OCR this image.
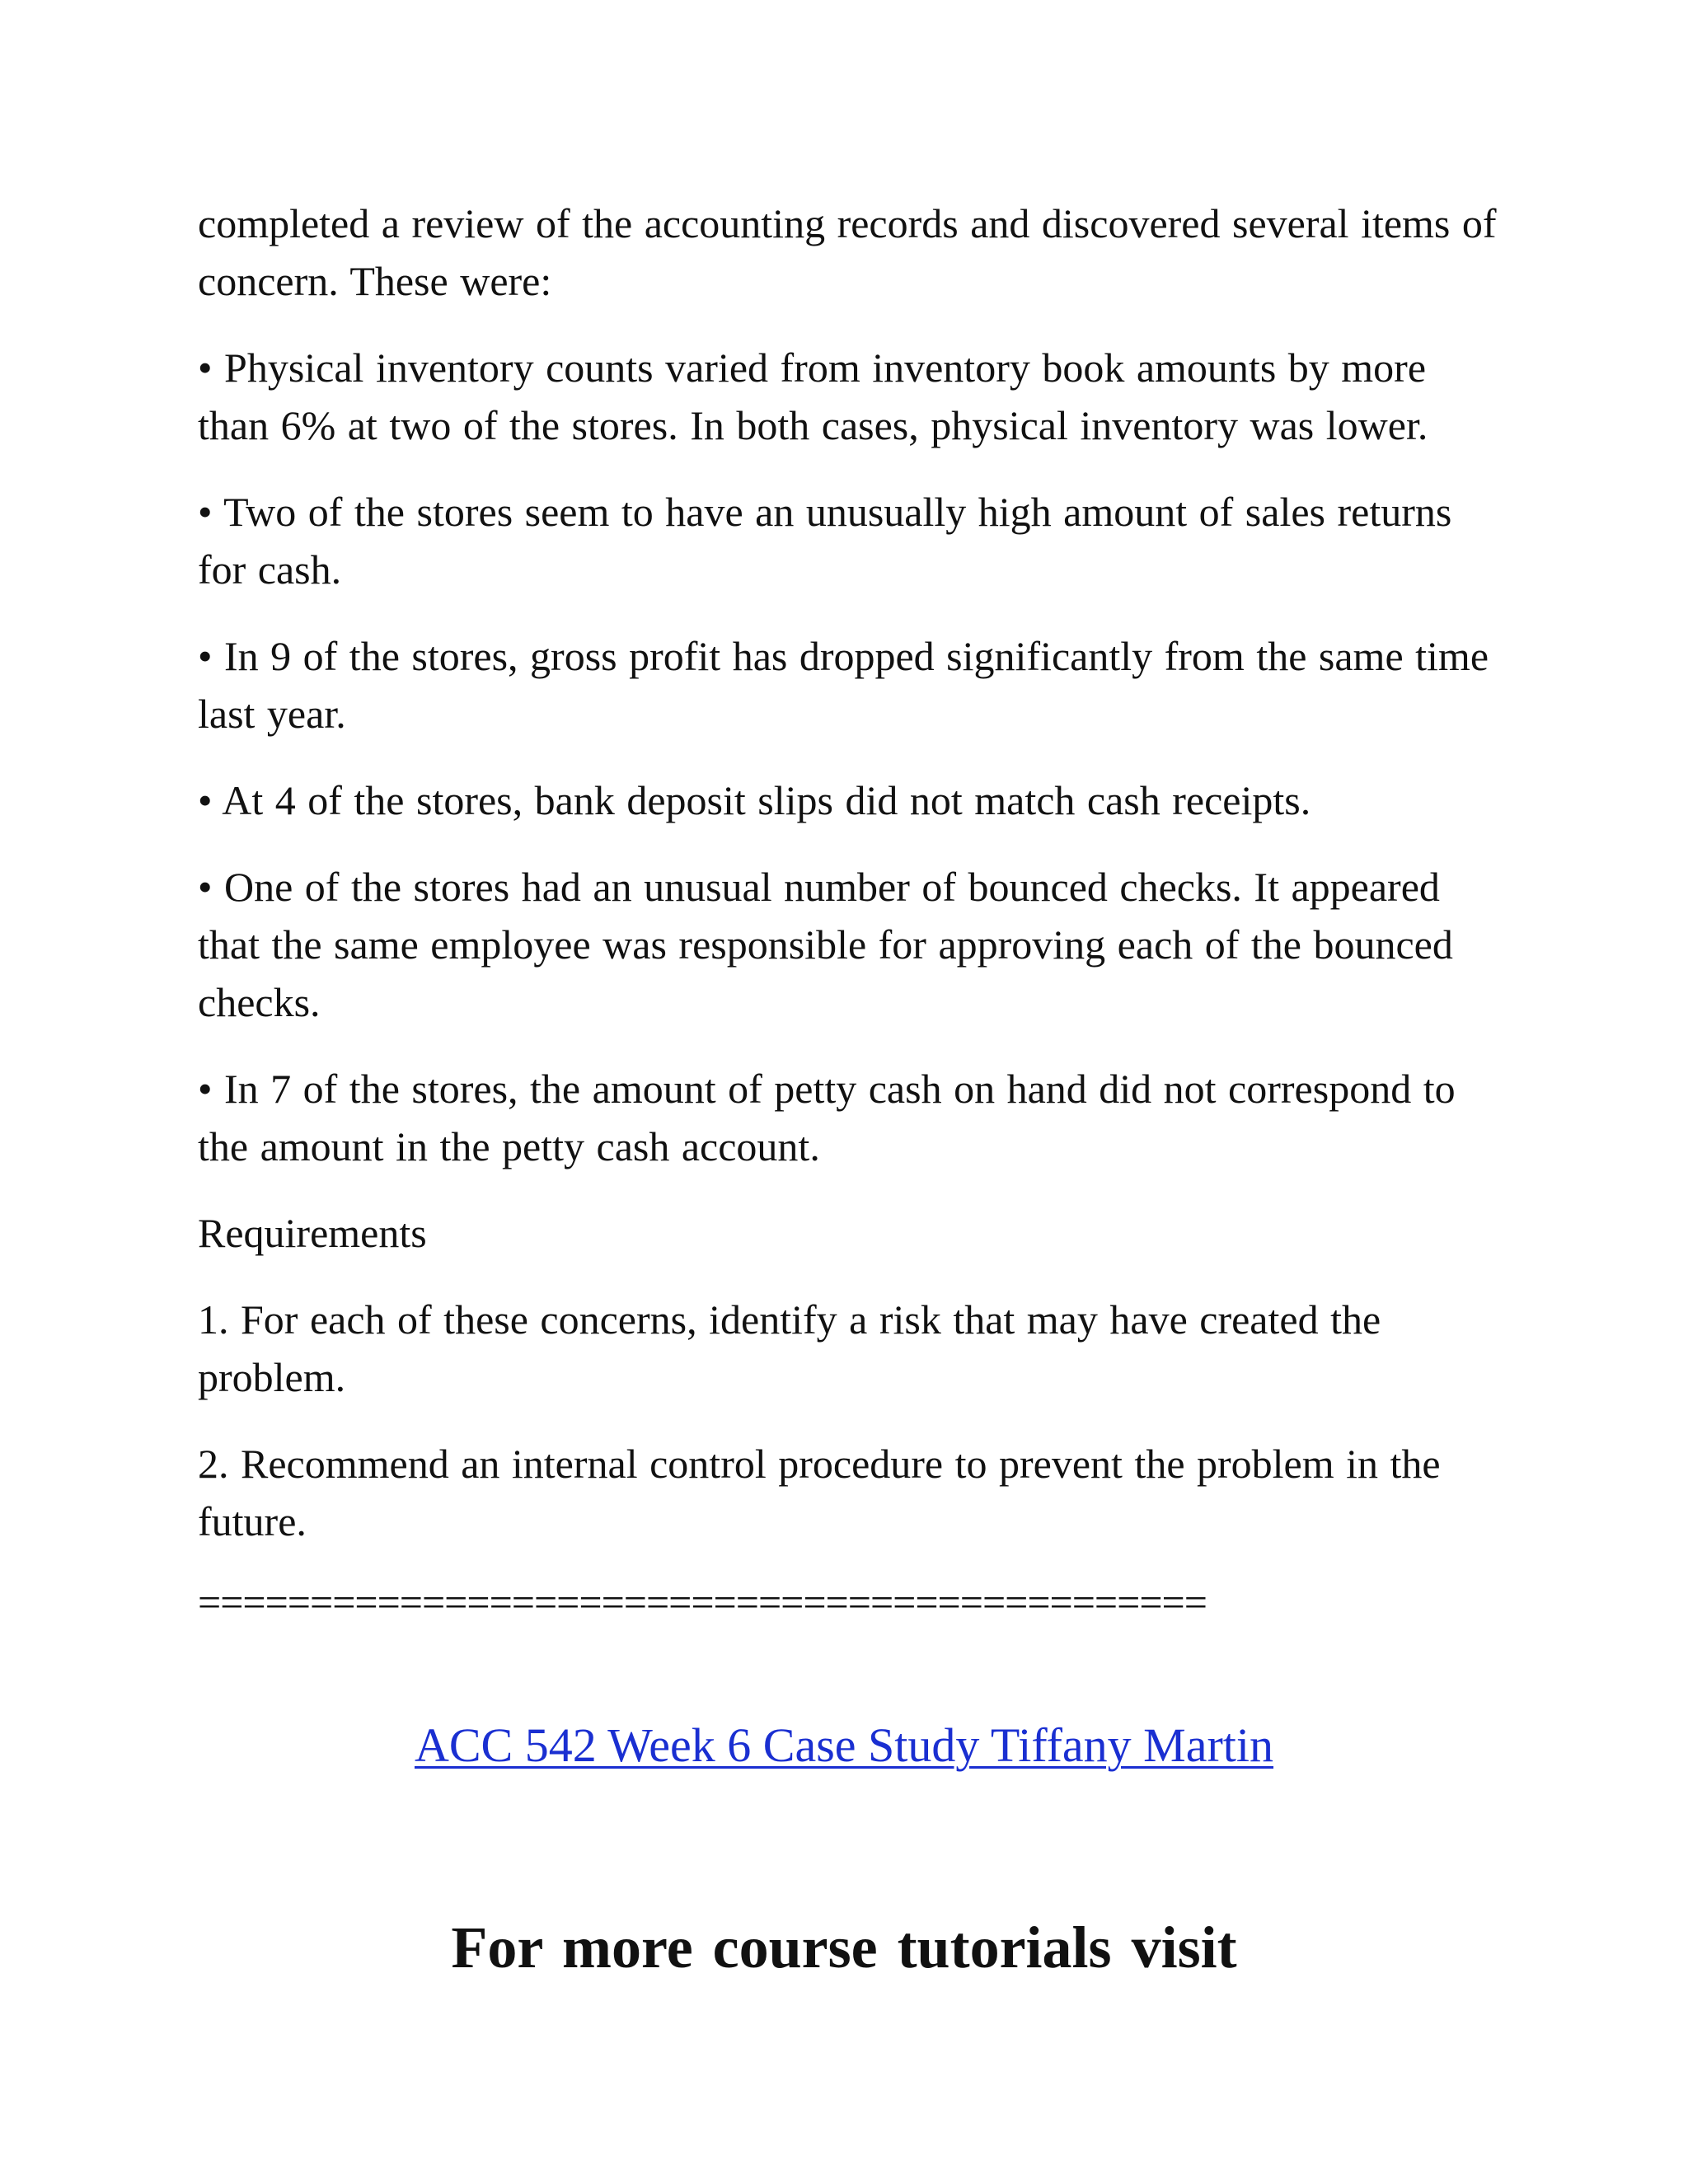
completed a review of the accounting records and discovered several items of concern. These were:

• Physical inventory counts varied from inventory book amounts by more than 6% at two of the stores. In both cases, physical inventory was lower.

• Two of the stores seem to have an unusually high amount of sales returns for cash.

• In 9 of the stores, gross profit has dropped significantly from the same time last year.

• At 4 of the stores, bank deposit slips did not match cash receipts.

• One of the stores had an unusual number of bounced checks. It appeared that the same employee was responsible for approving each of the bounced checks.

• In 7 of the stores, the amount of petty cash on hand did not correspond to the amount in the petty cash account.

Requirements

1. For each of these concerns, identify a risk that may have created the problem.

2. Recommend an internal control procedure to prevent the problem in the future.

=============================================
ACC 542 Week 6 Case Study Tiffany Martin
For more course tutorials visit
